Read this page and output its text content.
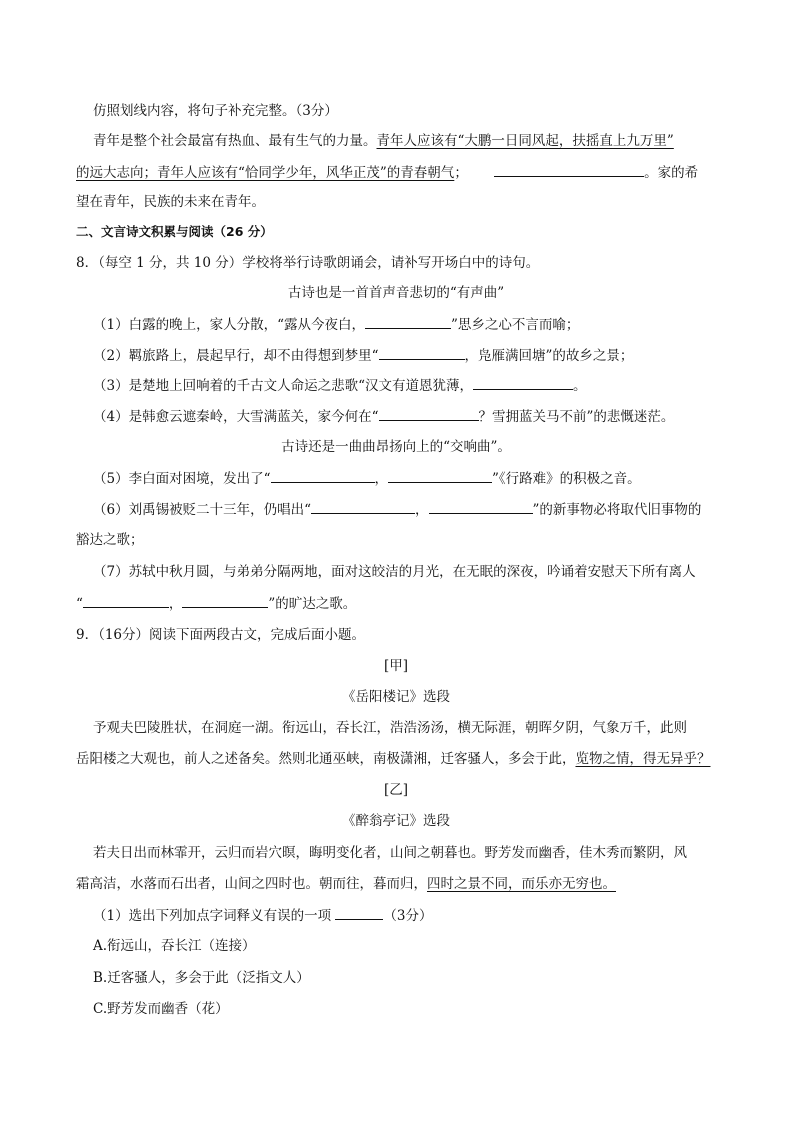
仿照划线内容，将句子补充完整。（3分）
青年是整个社会最富有热血、最有生气的力量。青年人应该有“大鹏一日同风起，扶摇直上九万里”
的远大志向；青年人应该有“恰同学少年，风华正茂”的青春朝气；	。家的希
望在青年，民族的未来在青年。
二、文言诗文积累与阅读（26 分）
8．（每空 1 分，共 10 分）学校将举行诗歌朗诵会，请补写开场白中的诗句。
古诗也是一首首声音悲切的“有声曲”
（1）白露的晚上，家人分散，“露从今夜白，	”思乡之心不言而喻；
（2）羁旅路上，晨起早行，却不由得想到梦里“	，凫雁满回塘”的故乡之景；
（3）是楚地上回响着的千古文人命运之悲歌“汉文有道恩犹薄，	。
（4）是韩愈云遮秦岭，大雪满蓝关，家今何在“	？雪拥蓝关马不前”的悲慨迷茫。
古诗还是一曲曲昂扬向上的“交响曲”。
（5）李白面对困境，发出了“	，	”《行路难》的积极之音。
（6）刘禹锡被贬二十三年，仍唱出“	，	”的新事物必将取代旧事物的
豁达之歌；
（7）苏轼中秋月圆，与弟弟分隔两地，面对这皎洁的月光，在无眠的深夜，吟诵着安慰天下所有离人
“	，	”的旷达之歌。
9．（16分）阅读下面两段古文，完成后面小题。
[甲]
《岳阳楼记》选段
予观夫巴陵胜状，在洞庭一湖。衔远山，吞长江，浩浩汤汤，横无际涯，朝晖夕阴，气象万千，此则
岳阳楼之大观也，前人之述备矣。然则北通巫峡，南极潇湘，迁客骚人，多会于此，览物之情，得无异乎？
[乙]
《醉翁亭记》选段
若夫日出而林霏开，云归而岩穴暝，晦明变化者，山间之朝暮也。野芳发而幽香，佳木秀而繁阴，风
霜高洁，水落而石出者，山间之四时也。朝而往，暮而归，四时之景不同，而乐亦无穷也。
（1）选出下列加点字词释义有误的一项	（3分）
A.衔远山，吞长江（连接）
B.迁客骚人，多会于此（泛指文人）
C.野芳发而幽香（花）
